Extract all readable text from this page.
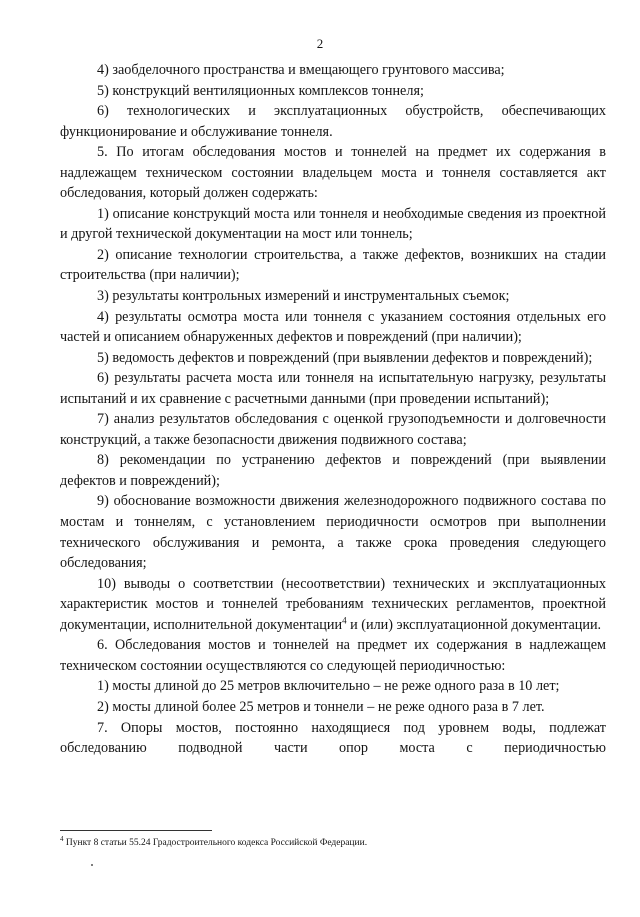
2

4) заобделочного пространства и вмещающего грунтового массива;

5) конструкций вентиляционных комплексов тоннеля;

6) технологических и эксплуатационных обустройств, обеспечивающих функционирование и обслуживание тоннеля.

5. По итогам обследования мостов и тоннелей на предмет их содержания в надлежащем техническом состоянии владельцем моста и тоннеля составляется акт обследования, который должен содержать:

1) описание конструкций моста или тоннеля и необходимые сведения из проектной и другой технической документации на мост или тоннель;

2) описание технологии строительства, а также дефектов, возникших на стадии строительства (при наличии);

3) результаты контрольных измерений и инструментальных съемок;

4) результаты осмотра моста или тоннеля с указанием состояния отдельных его частей и описанием обнаруженных дефектов и повреждений (при наличии);

5) ведомость дефектов и повреждений (при выявлении дефектов и повреждений);

6) результаты расчета моста или тоннеля на испытательную нагрузку, результаты испытаний и их сравнение с расчетными данными (при проведении испытаний);

7) анализ результатов обследования с оценкой грузоподъемности и долговечности конструкций, а также безопасности движения подвижного состава;

8) рекомендации по устранению дефектов и повреждений (при выявлении дефектов и повреждений);

9) обоснование возможности движения железнодорожного подвижного состава по мостам и тоннелям, с установлением периодичности осмотров при выполнении технического обслуживания и ремонта, а также срока проведения следующего обследования;

10) выводы о соответствии (несоответствии) технических и эксплуатационных характеристик мостов и тоннелей требованиям технических регламентов, проектной документации, исполнительной документации$^4$ и (или) эксплуатационной документации.

6. Обследования мостов и тоннелей на предмет их содержания в надлежащем техническом состоянии осуществляются со следующей периодичностью:

1) мосты длиной до 25 метров включительно – не реже одного раза в 10 лет;

2) мосты длиной более 25 метров и тоннели – не реже одного раза в 7 лет.

7. Опоры мостов, постоянно находящиеся под уровнем воды, подлежат обследованию подводной части опор моста с периодичностью

$^4$ Пункт 8 статьи 55.24 Градостроительного кодекса Российской Федерации.
